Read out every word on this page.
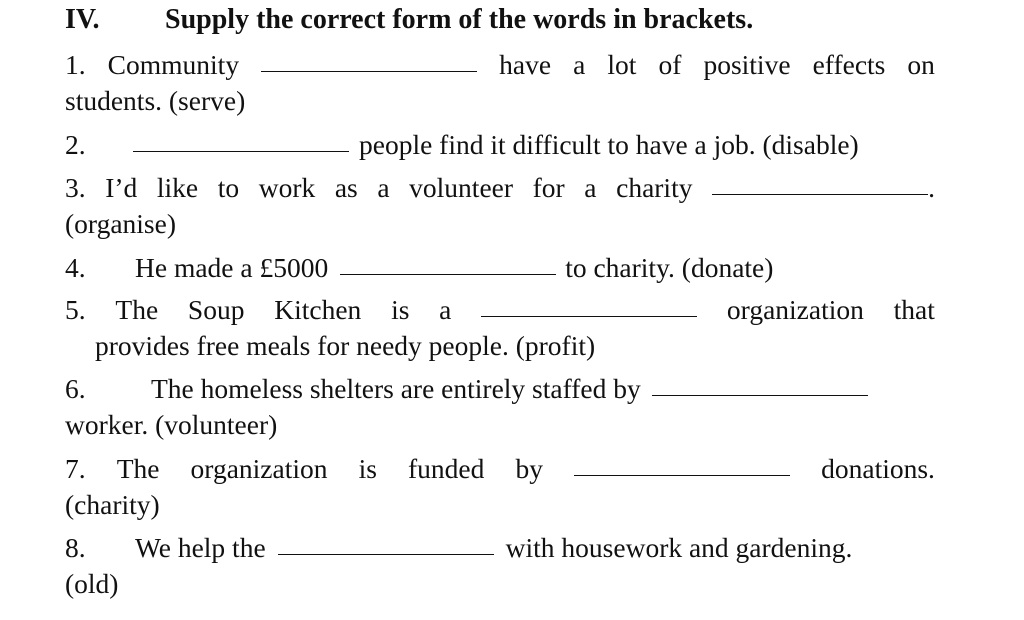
IV. Supply the correct form of the words in brackets.
1. Community	have a lot of positive effects on
students. (serve)
2.	people find it difficult to have a job. (disable)
3. I’d like to work as a volunteer for a charity	.
(organise)
4.	He made a £5000	to charity. (donate)
5. The Soup Kitchen is a	organization that
provides free meals for needy people. (profit)
6.	The homeless shelters are entirely staffed by
worker. (volunteer)
7. The organization is funded by	donations.
(charity)
8.	We help the	with housework and gardening.
(old)
